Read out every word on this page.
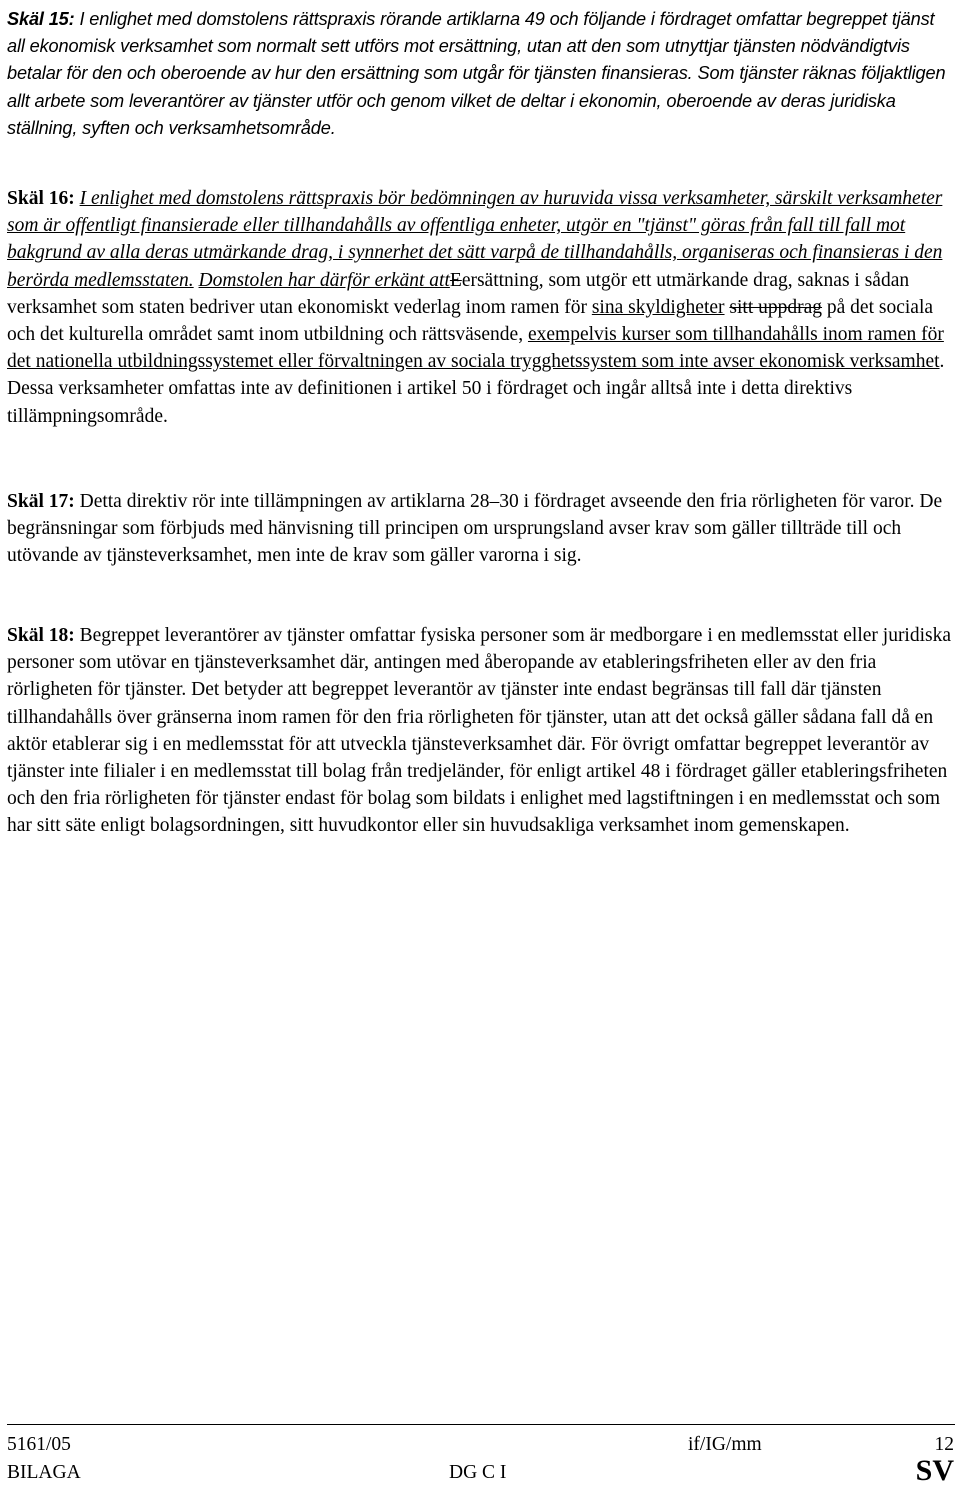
Skäl 15: I enlighet med domstolens rättspraxis rörande artiklarna 49 och följande i fördraget omfattar begreppet tjänst all ekonomisk verksamhet som normalt sett utförs mot ersättning, utan att den som utnyttjar tjänsten nödvändigtvis betalar för den och oberoende av hur den ersättning som utgår för tjänsten finansieras. Som tjänster räknas följaktligen allt arbete som leverantörer av tjänster utför och genom vilket de deltar i ekonomin, oberoende av deras juridiska ställning, syften och verksamhetsområde.

Skäl 16: I enlighet med domstolens rättspraxis bör bedömningen av huruvida vissa verksamheter, särskilt verksamheter som är offentligt finansierade eller tillhandahålls av offentliga enheter, utgör en "tjänst" göras från fall till fall mot bakgrund av alla deras utmärkande drag, i synnerhet det sätt varpå de tillhandahålls, organiseras och finansieras i den berörda medlemsstaten. Domstolen har därför erkänt attEersättning, som utgör ett utmärkande drag, saknas i sådan verksamhet som staten bedriver utan ekonomiskt vederlag inom ramen för sina skyldigheter sitt uppdrag på det sociala och det kulturella området samt inom utbildning och rättsväsende, exempelvis kurser som tillhandahålls inom ramen för det nationella utbildningssystemet eller förvaltningen av sociala trygghetssystem som inte avser ekonomisk verksamhet. Dessa verksamheter omfattas inte av definitionen i artikel 50 i fördraget och ingår alltså inte i detta direktivs tillämpningsområde.

Skäl 17: Detta direktiv rör inte tillämpningen av artiklarna 28–30 i fördraget avseende den fria rörligheten för varor. De begränsningar som förbjuds med hänvisning till principen om ursprungsland avser krav som gäller tillträde till och utövande av tjänsteverksamhet, men inte de krav som gäller varorna i sig.

Skäl 18: Begreppet leverantörer av tjänster omfattar fysiska personer som är medborgare i en medlemsstat eller juridiska personer som utövar en tjänsteverksamhet där, antingen med åberopande av etableringsfriheten eller av den fria rörligheten för tjänster. Det betyder att begreppet leverantör av tjänster inte endast begränsas till fall där tjänsten tillhandahålls över gränserna inom ramen för den fria rörligheten för tjänster, utan att det också gäller sådana fall då en aktör etablerar sig i en medlemsstat för att utveckla tjänsteverksamhet där. För övrigt omfattar begreppet leverantör av tjänster inte filialer i en medlemsstat till bolag från tredjeländer, för enligt artikel 48 i fördraget gäller etableringsfriheten och den fria rörligheten för tjänster endast för bolag som bildats i enlighet med lagstiftningen i en medlemsstat och som har sitt säte enligt bolagsordningen, sitt huvudkontor eller sin huvudsakliga verksamhet inom gemenskapen.

5161/05	if/IG/mm	12
BILAGA	DG C I	SV
